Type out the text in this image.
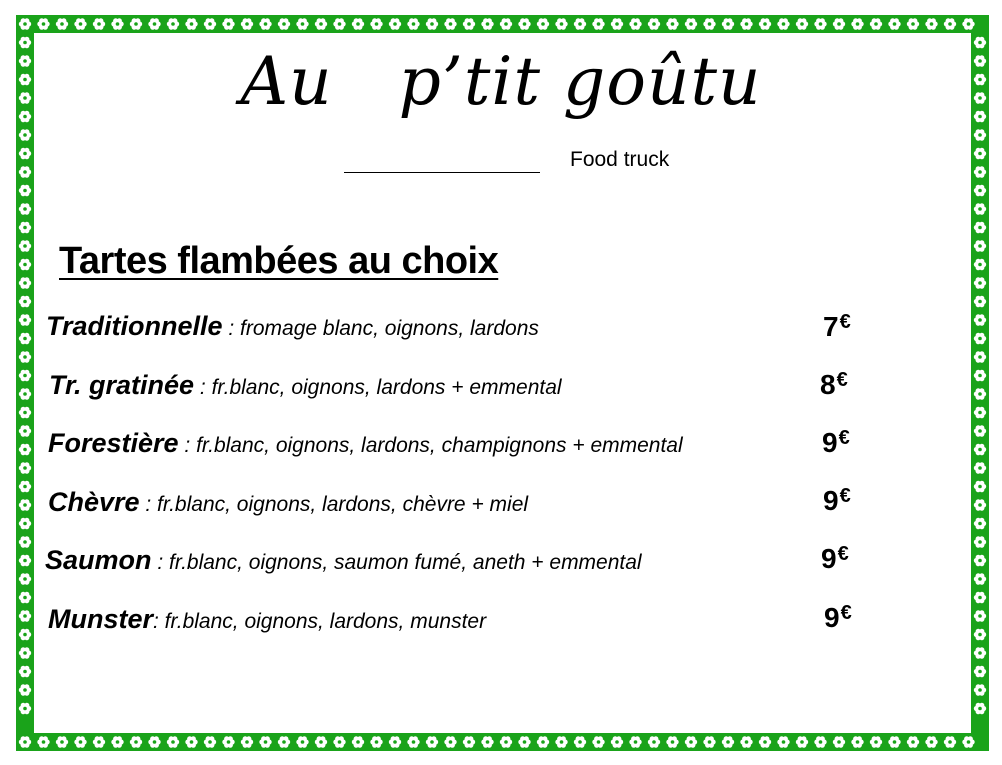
Au   p’tit goûtu
Food truck
Tartes flambées au choix
Traditionnelle : fromage blanc, oignons, lardons	7€
Tr. gratinée : fr.blanc, oignons, lardons + emmental	8€
Forestière : fr.blanc, oignons, lardons, champignons + emmental	9€
Chèvre : fr.blanc, oignons, lardons, chèvre + miel	9€
Saumon : fr.blanc, oignons, saumon fumé, aneth + emmental	9€
Munster: fr.blanc, oignons, lardons, munster	9€
